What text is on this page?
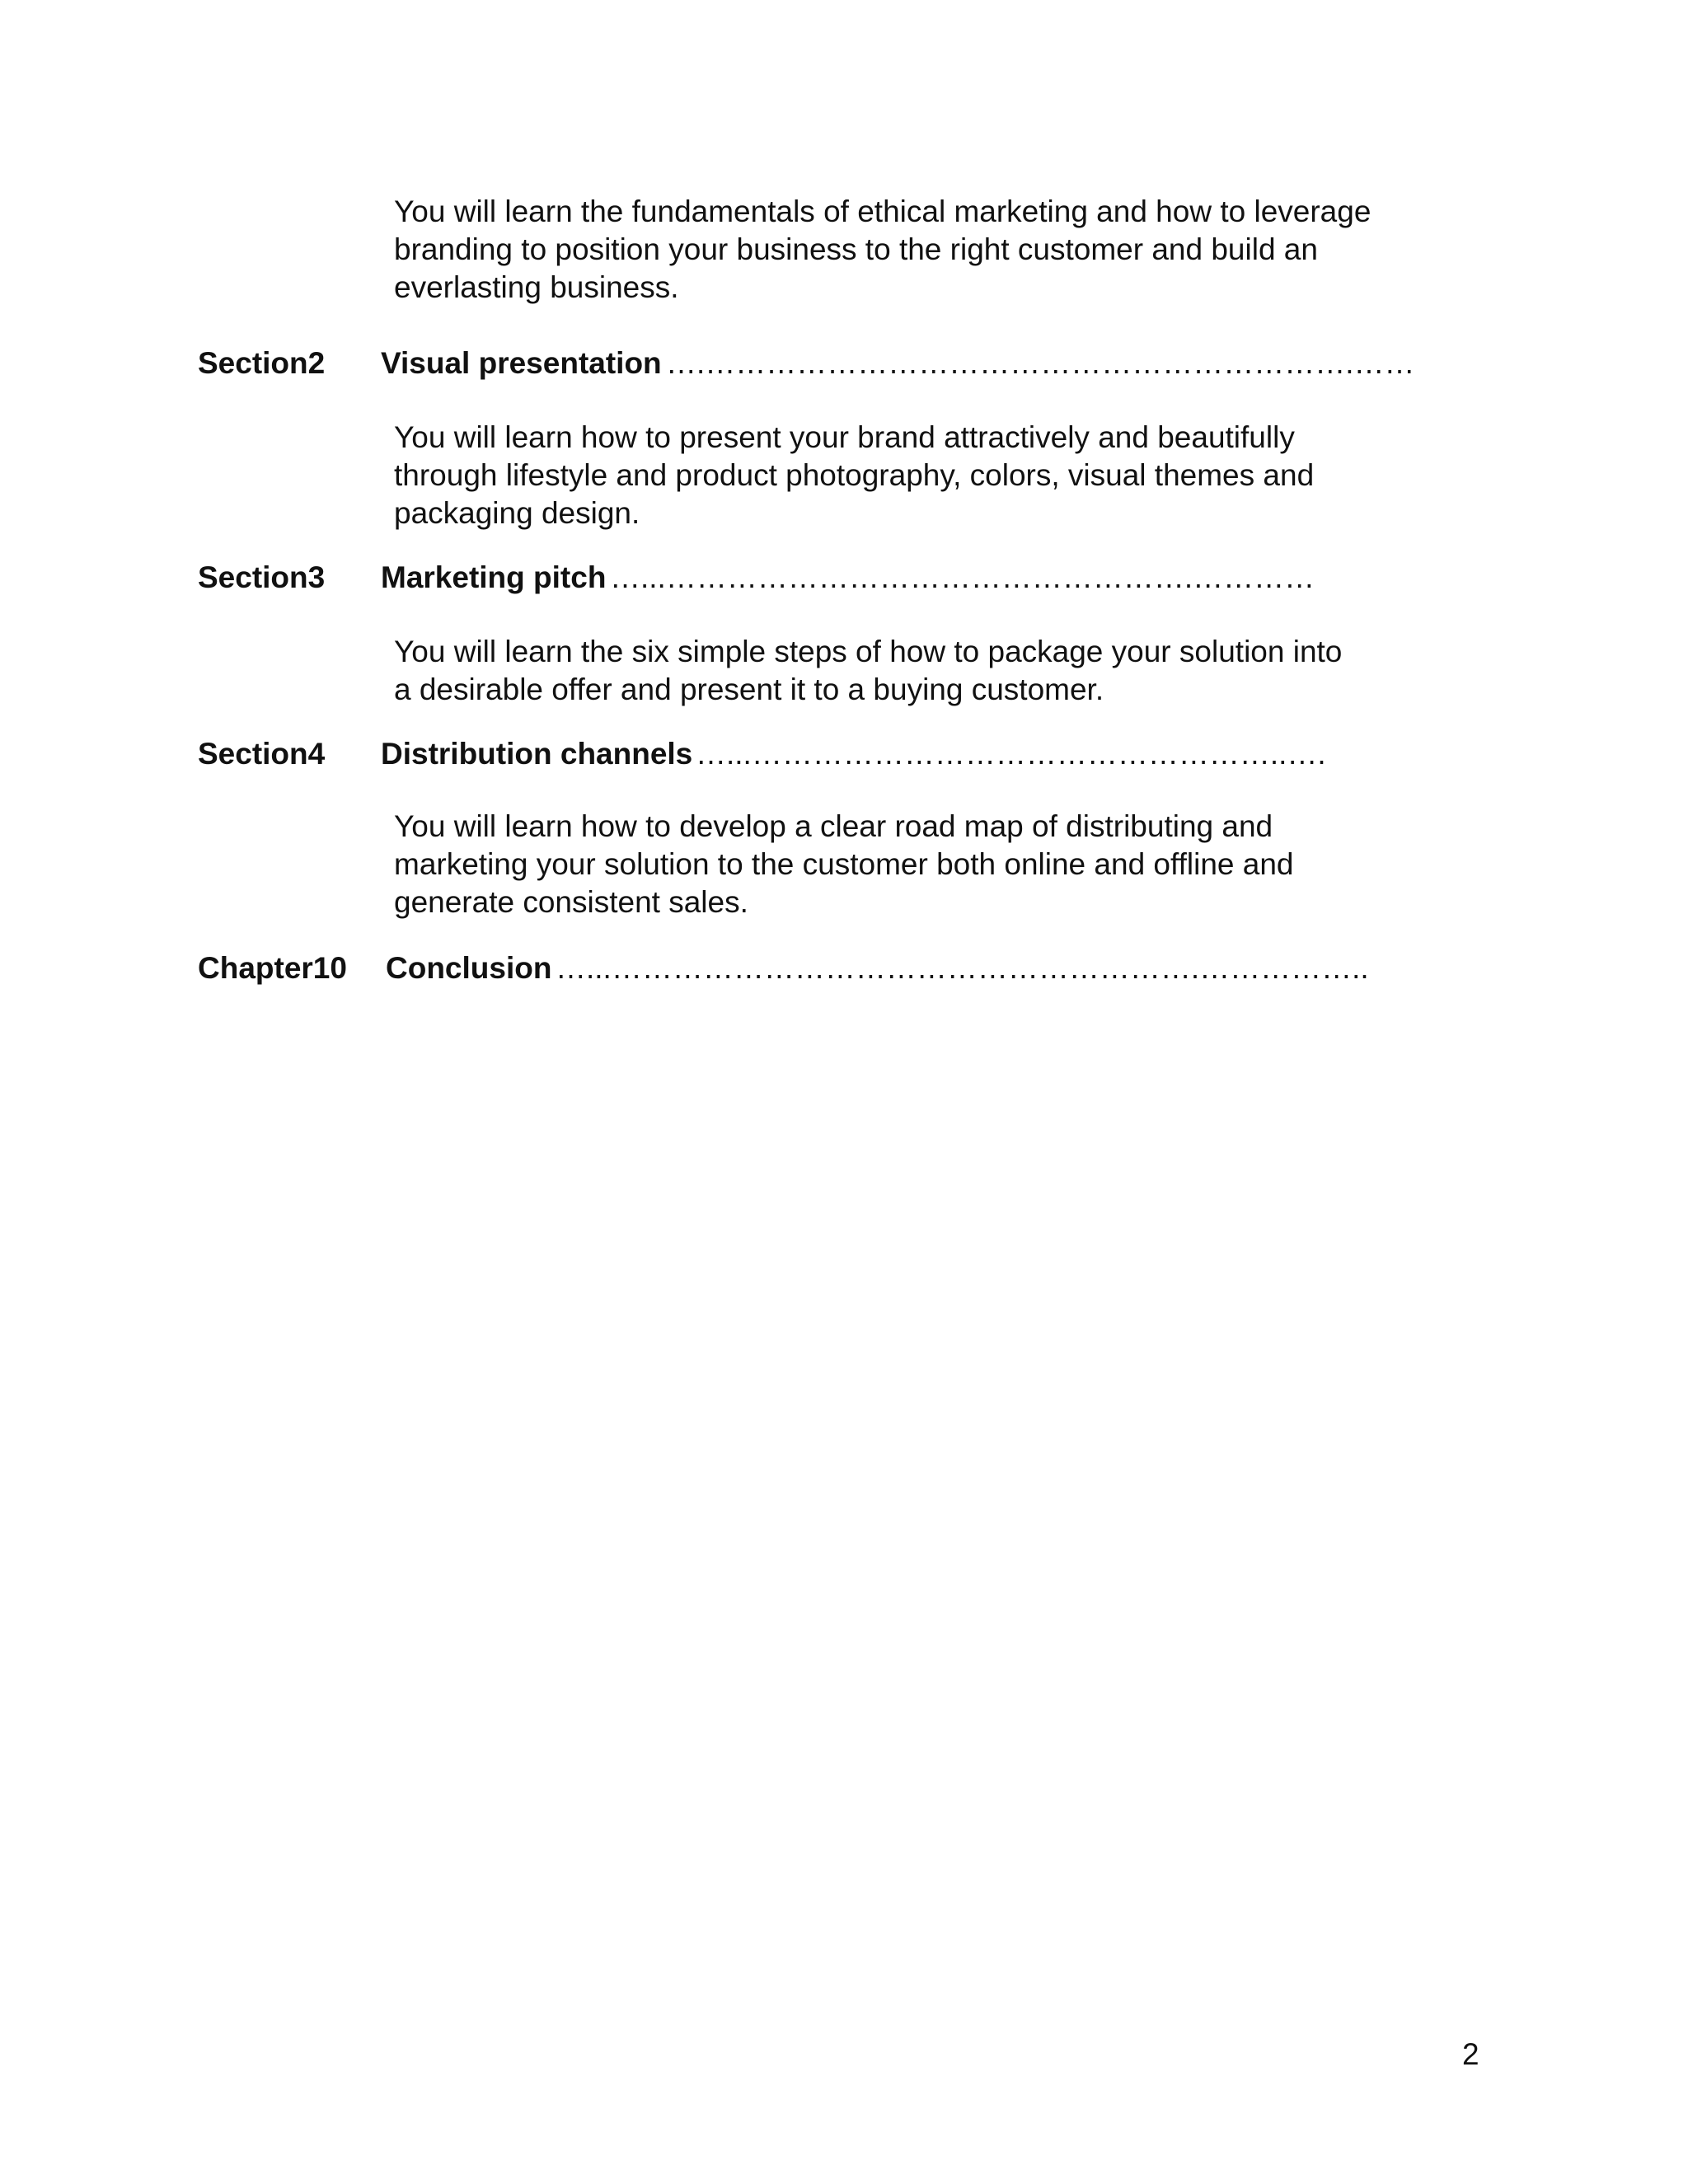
You will learn the fundamentals of ethical marketing and how to leverage
branding to position your business to the right customer and build an
everlasting business.

Section2 Visual presentation ….……………………………………………………….……

You will learn how to present your brand attractively and beautifully
through lifestyle and product photography, colors, visual themes and
packaging design.

Section3 Marketing pitch …...…………………………………………….…………

You will learn the six simple steps of how to package your solution into
a desirable offer and present it to a buying customer.

Section4 Distribution channels …...……………………………………………..….

You will learn how to develop a clear road map of distributing and
marketing your solution to the customer both online and offline and
generate consistent sales.

Chapter10 Conclusion …...………………………………………………….……………..
2
